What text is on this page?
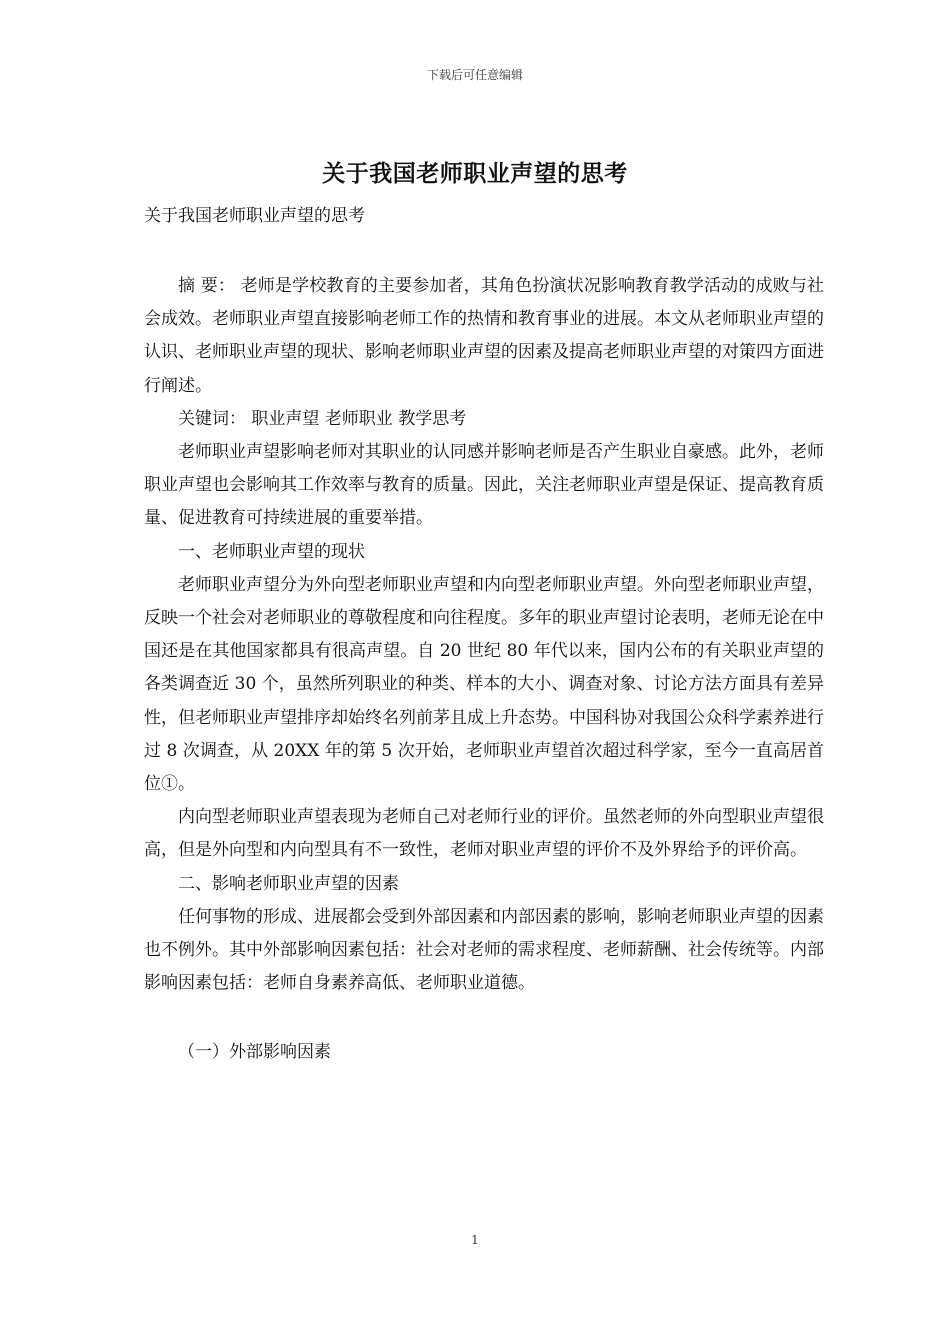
下载后可任意编辑
关于我国老师职业声望的思考
关于我国老师职业声望的思考

摘 要： 老师是学校教育的主要参加者，其角色扮演状况影响教育教学活动的成败与社会成效。老师职业声望直接影响老师工作的热情和教育事业的进展。本文从老师职业声望的认识、老师职业声望的现状、影响老师职业声望的因素及提高老师职业声望的对策四方面进行阐述。

关键词： 职业声望 老师职业 教学思考

老师职业声望影响老师对其职业的认同感并影响老师是否产生职业自豪感。此外，老师职业声望也会影响其工作效率与教育的质量。因此，关注老师职业声望是保证、提高教育质量、促进教育可持续进展的重要举措。

一、老师职业声望的现状

老师职业声望分为外向型老师职业声望和内向型老师职业声望。外向型老师职业声望，反映一个社会对老师职业的尊敬程度和向往程度。多年的职业声望讨论表明，老师无论在中国还是在其他国家都具有很高声望。自 20 世纪 80 年代以来，国内公布的有关职业声望的各类调查近 30 个，虽然所列职业的种类、样本的大小、调查对象、讨论方法方面具有差异性，但老师职业声望排序却始终名列前茅且成上升态势。中国科协对我国公众科学素养进行过 8 次调查，从 20XX 年的第 5 次开始，老师职业声望首次超过科学家，至今一直高居首位①。

内向型老师职业声望表现为老师自己对老师行业的评价。虽然老师的外向型职业声望很高，但是外向型和内向型具有不一致性，老师对职业声望的评价不及外界给予的评价高。

二、影响老师职业声望的因素

任何事物的形成、进展都会受到外部因素和内部因素的影响，影响老师职业声望的因素也不例外。其中外部影响因素包括：社会对老师的需求程度、老师薪酬、社会传统等。内部影响因素包括：老师自身素养高低、老师职业道德。

（一）外部影响因素

1
